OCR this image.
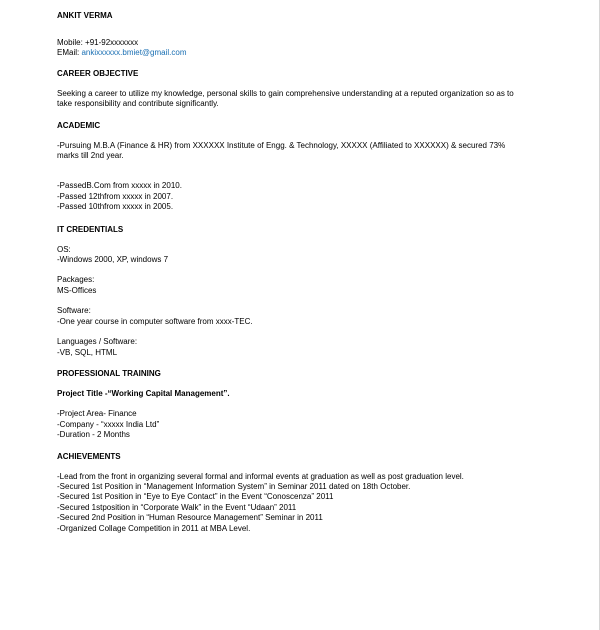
ANKIT VERMA
Mobile: +91-92xxxxxxx
EMail: ankixxxxxx.bmiet@gmail.com
CAREER OBJECTIVE
Seeking a career to utilize my knowledge, personal skills to gain comprehensive understanding at a reputed organization so as to
take responsibility and contribute significantly.
ACADEMIC
-Pursuing M.B.A (Finance & HR) from XXXXXX Institute of Engg. & Technology, XXXXX (Affiliated to XXXXXX) & secured 73%
marks till 2nd year.
-PassedB.Com from xxxxx in 2010.
-Passed 12thfrom xxxxx in 2007.
-Passed 10thfrom xxxxx in 2005.
IT CREDENTIALS
OS:
-Windows 2000, XP, windows 7
Packages:
MS-Offices
Software:
-One year course in computer software from xxxx-TEC.
Languages / Software:
-VB, SQL, HTML
PROFESSIONAL TRAINING
Project Title -“Working Capital Management”.
-Project Area- Finance
-Company - “xxxxx India Ltd”
-Duration - 2 Months
ACHIEVEMENTS
-Lead from the front in organizing several formal and informal events at graduation as well as post graduation level.
-Secured 1st Position in “Management Information System” in Seminar 2011 dated on 18th October.
-Secured 1st Position in “Eye to Eye Contact” in the Event “Conoscenza” 2011
-Secured 1stposition in “Corporate Walk” in the Event “Udaan” 2011
-Secured 2nd Position in “Human Resource Management” Seminar in 2011
-Organized Collage Competition in 2011 at MBA Level.
